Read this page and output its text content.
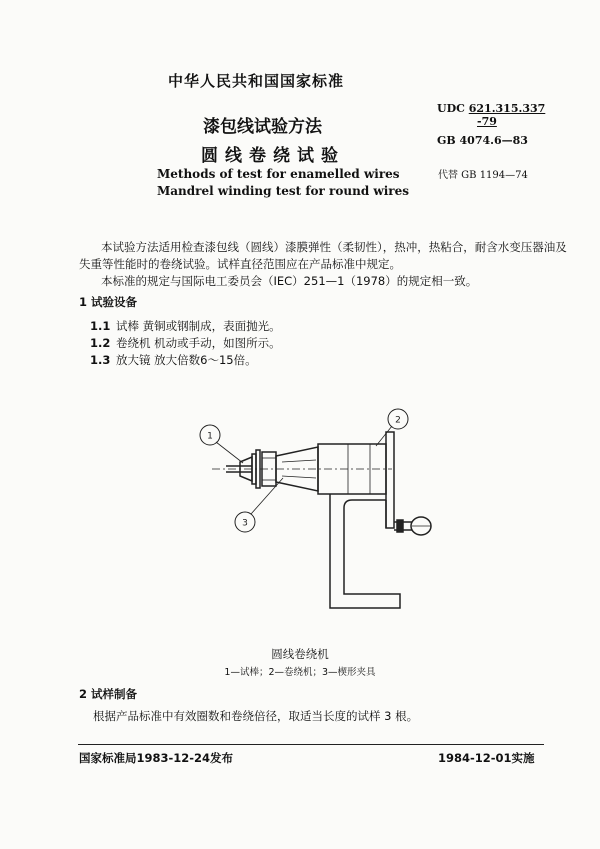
中华人民共和国国家标准
漆包线试验方法
圆线卷绕试验
Methods of test for enamelled wires
Mandrel winding test for round wires
UDC 621.315.337
-79
GB 4074.6—83
代替 GB 1194—74
本试验方法适用检查漆包线（圆线）漆膜弹性（柔韧性），热冲，热粘合，耐含水变压器油及失重等性能时的卷绕试验。试样直径范围应在产品标准中规定。
本标准的规定与国际电工委员会（IEC）251—1（1978）的规定相一致。
1 试验设备
1.1 试棒 黄铜或钢制成，表面抛光。
1.2 卷绕机 机动或手动，如图所示。
1.3 放大镜 放大倍数6～15倍。
1
2
3
圆线卷绕机
1—试棒；2—卷绕机；3—楔形夹具
2 试样制备
根据产品标准中有效圈数和卷绕倍径，取适当长度的试样 3 根。
国家标准局1983-12-24发布	1984-12-01实施
